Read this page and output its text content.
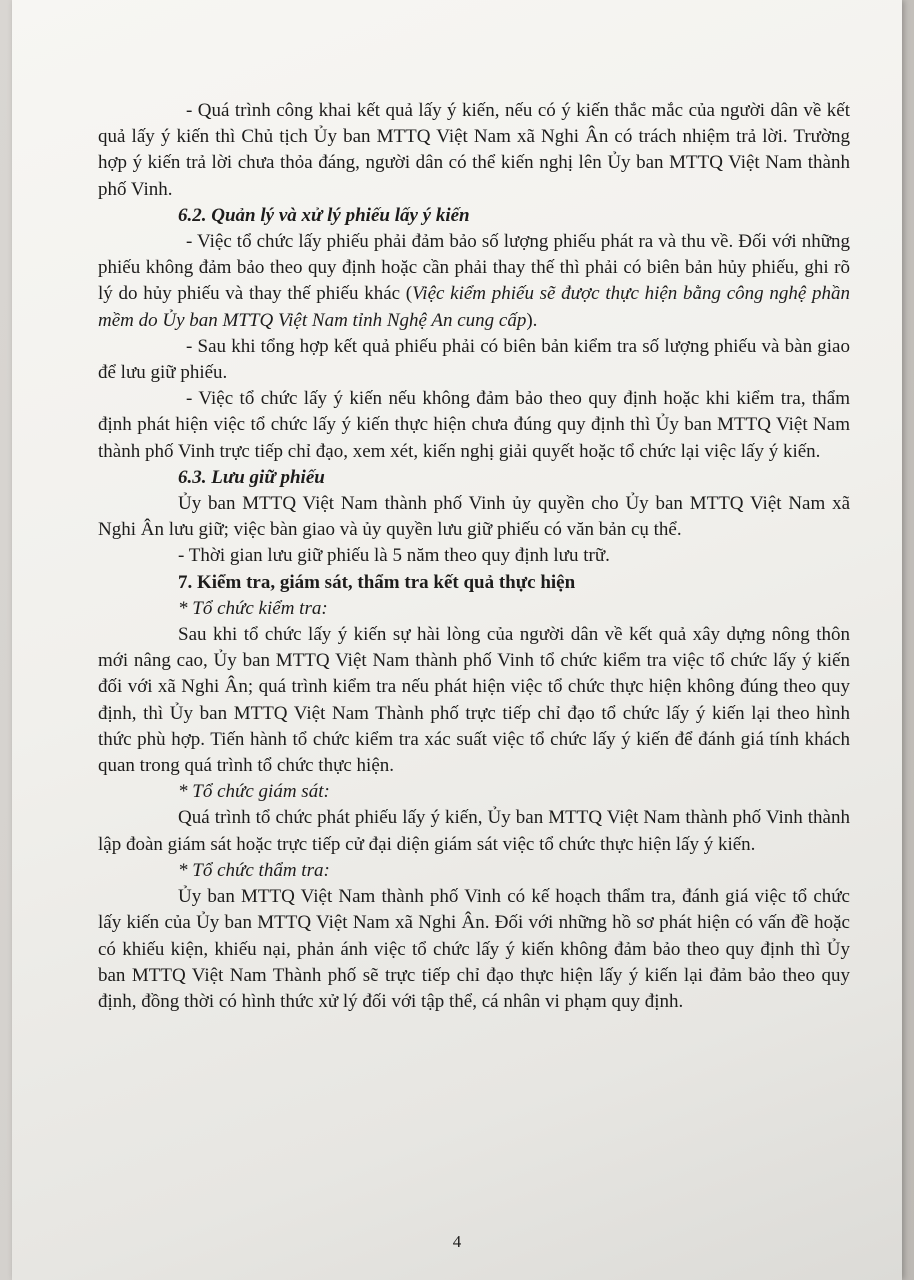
- Quá trình công khai kết quả lấy ý kiến, nếu có ý kiến thắc mắc của người dân về kết quả lấy ý kiến thì Chủ tịch Ủy ban MTTQ Việt Nam xã Nghi Ân có trách nhiệm trả lời. Trường hợp ý kiến trả lời chưa thỏa đáng, người dân có thể kiến nghị lên Ủy ban MTTQ Việt Nam thành phố Vinh.

6.2. Quản lý và xử lý phiếu lấy ý kiến

- Việc tổ chức lấy phiếu phải đảm bảo số lượng phiếu phát ra và thu về. Đối với những phiếu không đảm bảo theo quy định hoặc cần phải thay thế thì phải có biên bản hủy phiếu, ghi rõ lý do hủy phiếu và thay thế phiếu khác (Việc kiểm phiếu sẽ được thực hiện bằng công nghệ phần mềm do Ủy ban MTTQ Việt Nam tỉnh Nghệ An cung cấp).

- Sau khi tổng hợp kết quả phiếu phải có biên bản kiểm tra số lượng phiếu và bàn giao để lưu giữ phiếu.

- Việc tổ chức lấy ý kiến nếu không đảm bảo theo quy định hoặc khi kiểm tra, thẩm định phát hiện việc tổ chức lấy ý kiến thực hiện chưa đúng quy định thì Ủy ban MTTQ Việt Nam thành phố Vinh trực tiếp chỉ đạo, xem xét, kiến nghị giải quyết hoặc tổ chức lại việc lấy ý kiến.

6.3. Lưu giữ phiếu

Ủy ban MTTQ Việt Nam thành phố Vinh ủy quyền cho Ủy ban MTTQ Việt Nam xã Nghi Ân lưu giữ; việc bàn giao và ủy quyền lưu giữ phiếu có văn bản cụ thể.

- Thời gian lưu giữ phiếu là 5 năm theo quy định lưu trữ.

7. Kiểm tra, giám sát, thẩm tra kết quả thực hiện

* Tổ chức kiểm tra:

Sau khi tổ chức lấy ý kiến sự hài lòng của người dân về kết quả xây dựng nông thôn mới nâng cao, Ủy ban MTTQ Việt Nam thành phố Vinh tổ chức kiểm tra việc tổ chức lấy ý kiến đối với xã Nghi Ân; quá trình kiểm tra nếu phát hiện việc tổ chức thực hiện không đúng theo quy định, thì Ủy ban MTTQ Việt Nam Thành phố trực tiếp chỉ đạo tổ chức lấy ý kiến lại theo hình thức phù hợp. Tiến hành tổ chức kiểm tra xác suất việc tổ chức lấy ý kiến để đánh giá tính khách quan trong quá trình tổ chức thực hiện.

* Tổ chức giám sát:

Quá trình tổ chức phát phiếu lấy ý kiến, Ủy ban MTTQ Việt Nam thành phố Vinh thành lập đoàn giám sát hoặc trực tiếp cử đại diện giám sát việc tổ chức thực hiện lấy ý kiến.

* Tổ chức thẩm tra:

Ủy ban MTTQ Việt Nam thành phố Vinh có kế hoạch thẩm tra, đánh giá việc tổ chức lấy kiến của Ủy ban MTTQ Việt Nam xã Nghi Ân. Đối với những hồ sơ phát hiện có vấn đề hoặc có khiếu kiện, khiếu nại, phản ánh việc tổ chức lấy ý kiến không đảm bảo theo quy định thì Ủy ban MTTQ Việt Nam Thành phố sẽ trực tiếp chỉ đạo thực hiện lấy ý kiến lại đảm bảo theo quy định, đồng thời có hình thức xử lý đối với tập thể, cá nhân vi phạm quy định.

4
